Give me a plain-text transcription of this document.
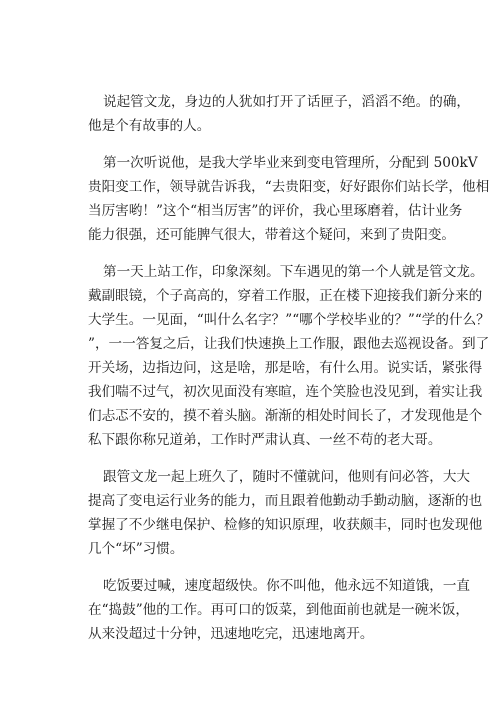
说起管文龙，身边的人犹如打开了话匣子，滔滔不绝。的确，
他是个有故事的人。
第一次听说他，是我大学毕业来到变电管理所，分配到 500kV
贵阳变工作，领导就告诉我，“去贵阳变，好好跟你们站长学，他相
当厉害哟！”这个“相当厉害”的评价，我心里琢磨着，估计业务
能力很强，还可能脾气很大，带着这个疑问，来到了贵阳变。
第一天上站工作，印象深刻。下车遇见的第一个人就是管文龙。
戴副眼镜，个子高高的，穿着工作服，正在楼下迎接我们新分来的
大学生。一见面，“叫什么名字？”“哪个学校毕业的？”“学的什么？
”，一一答复之后，让我们快速换上工作服，跟他去巡视设备。到了
开关场，边指边问，这是啥，那是啥，有什么用。说实话，紧张得
我们喘不过气，初次见面没有寒暄，连个笑脸也没见到，着实让我
们忐忑不安的，摸不着头脑。渐渐的相处时间长了，才发现他是个
私下跟你称兄道弟，工作时严肃认真、一丝不苟的老大哥。
跟管文龙一起上班久了，随时不懂就问，他则有问必答，大大
提高了变电运行业务的能力，而且跟着他勤动手勤动脑，逐渐的也
掌握了不少继电保护、检修的知识原理，收获颇丰，同时也发现他
几个“坏”习惯。
吃饭要过喊，速度超级快。你不叫他，他永远不知道饿，一直
在“捣鼓”他的工作。再可口的饭菜，到他面前也就是一碗米饭，
从来没超过十分钟，迅速地吃完，迅速地离开。
